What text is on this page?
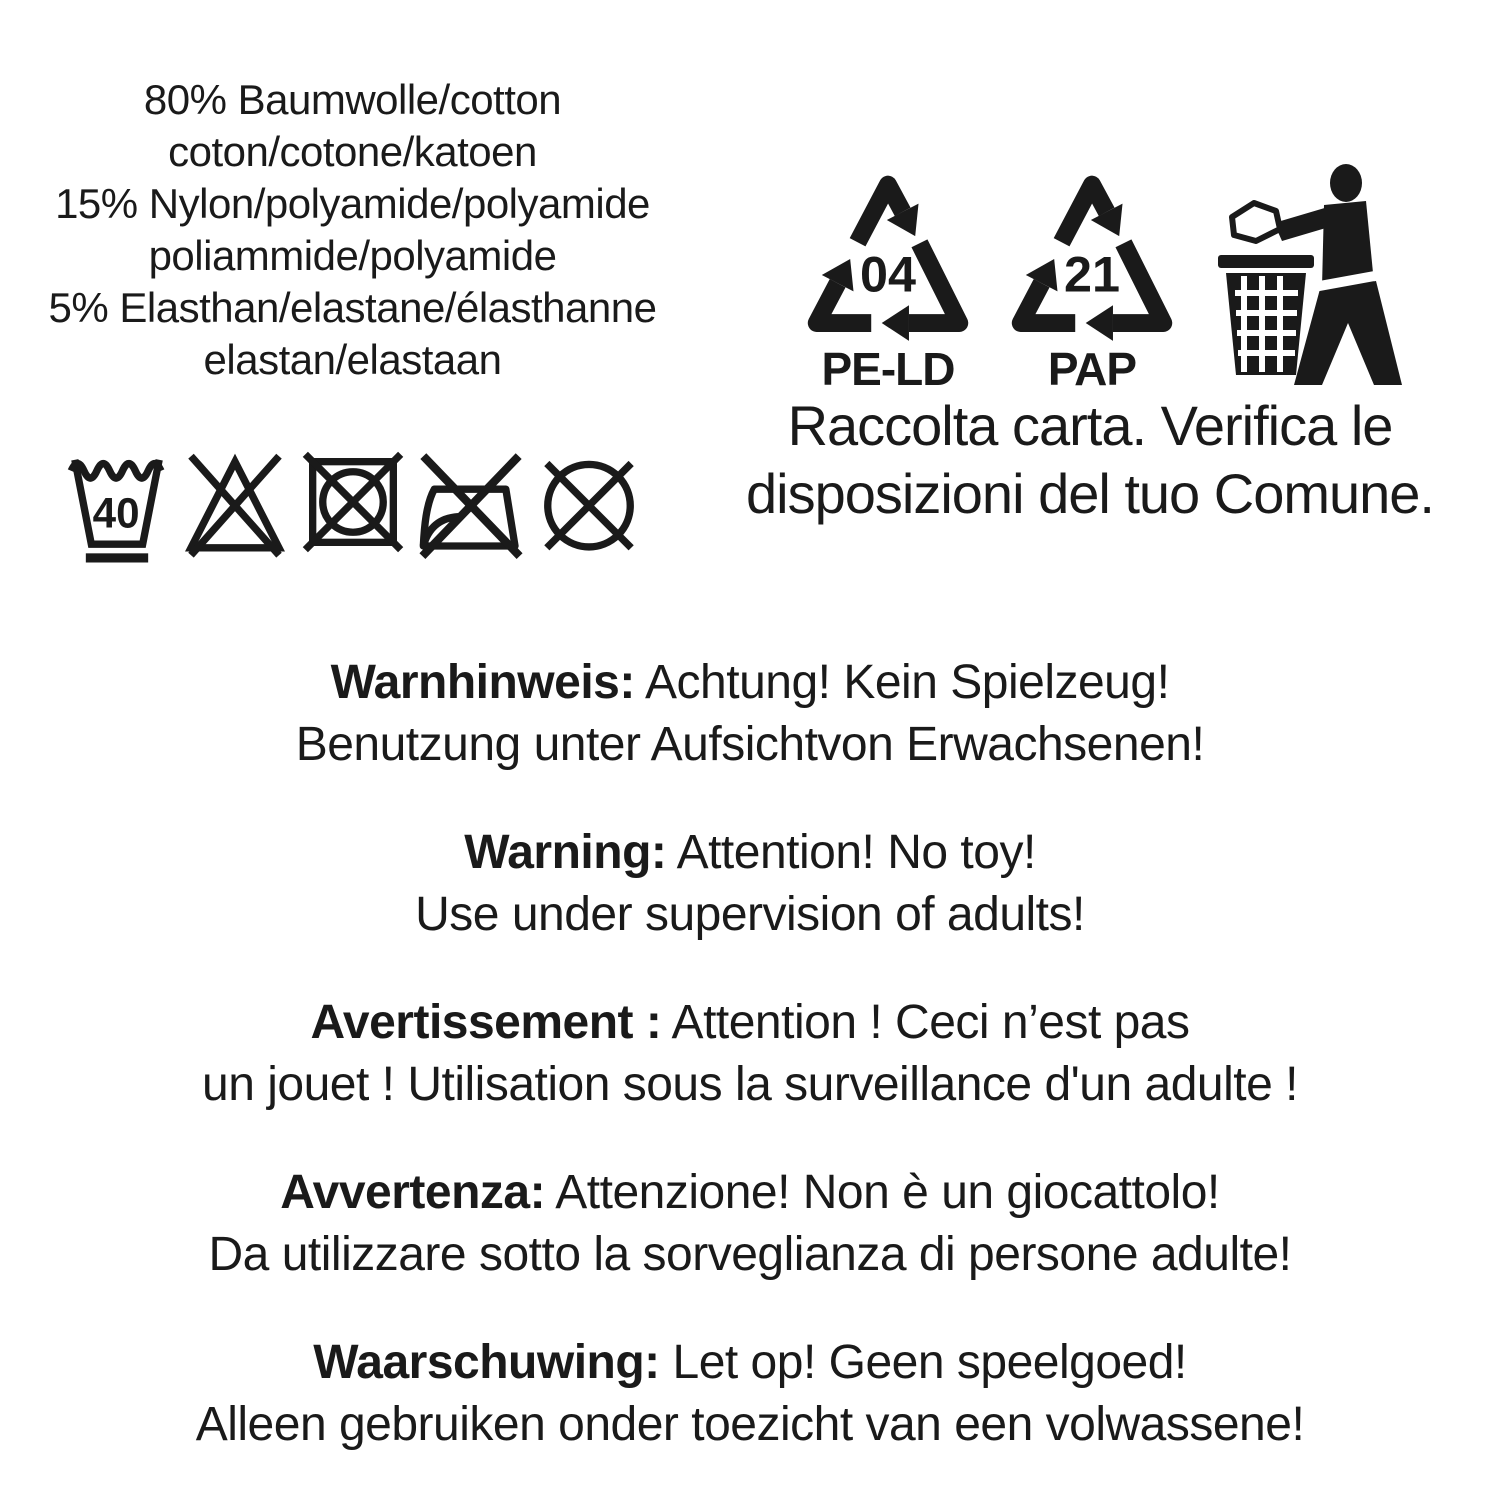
80% Baumwolle/cotton
coton/cotone/katoen
15% Nylon/polyamide/polyamide
poliammide/polyamide
5% Elasthan/elastane/élasthanne
elastan/elastaan
40
04
PE-LD
21
PAP
Raccolta carta. Verifica le
disposizioni del tuo Comune.
Warnhinweis: Achtung! Kein Spielzeug!
Benutzung unter Aufsichtvon Erwachsenen!
Warning: Attention! No toy!
Use under supervision of adults!
Avertissement : Attention ! Ceci n’est pas
un jouet ! Utilisation sous la surveillance d'un adulte !
Avvertenza: Attenzione! Non è un giocattolo!
Da utilizzare sotto la sorveglianza di persone adulte!
Waarschuwing: Let op! Geen speelgoed!
Alleen gebruiken onder toezicht van een volwassene!
